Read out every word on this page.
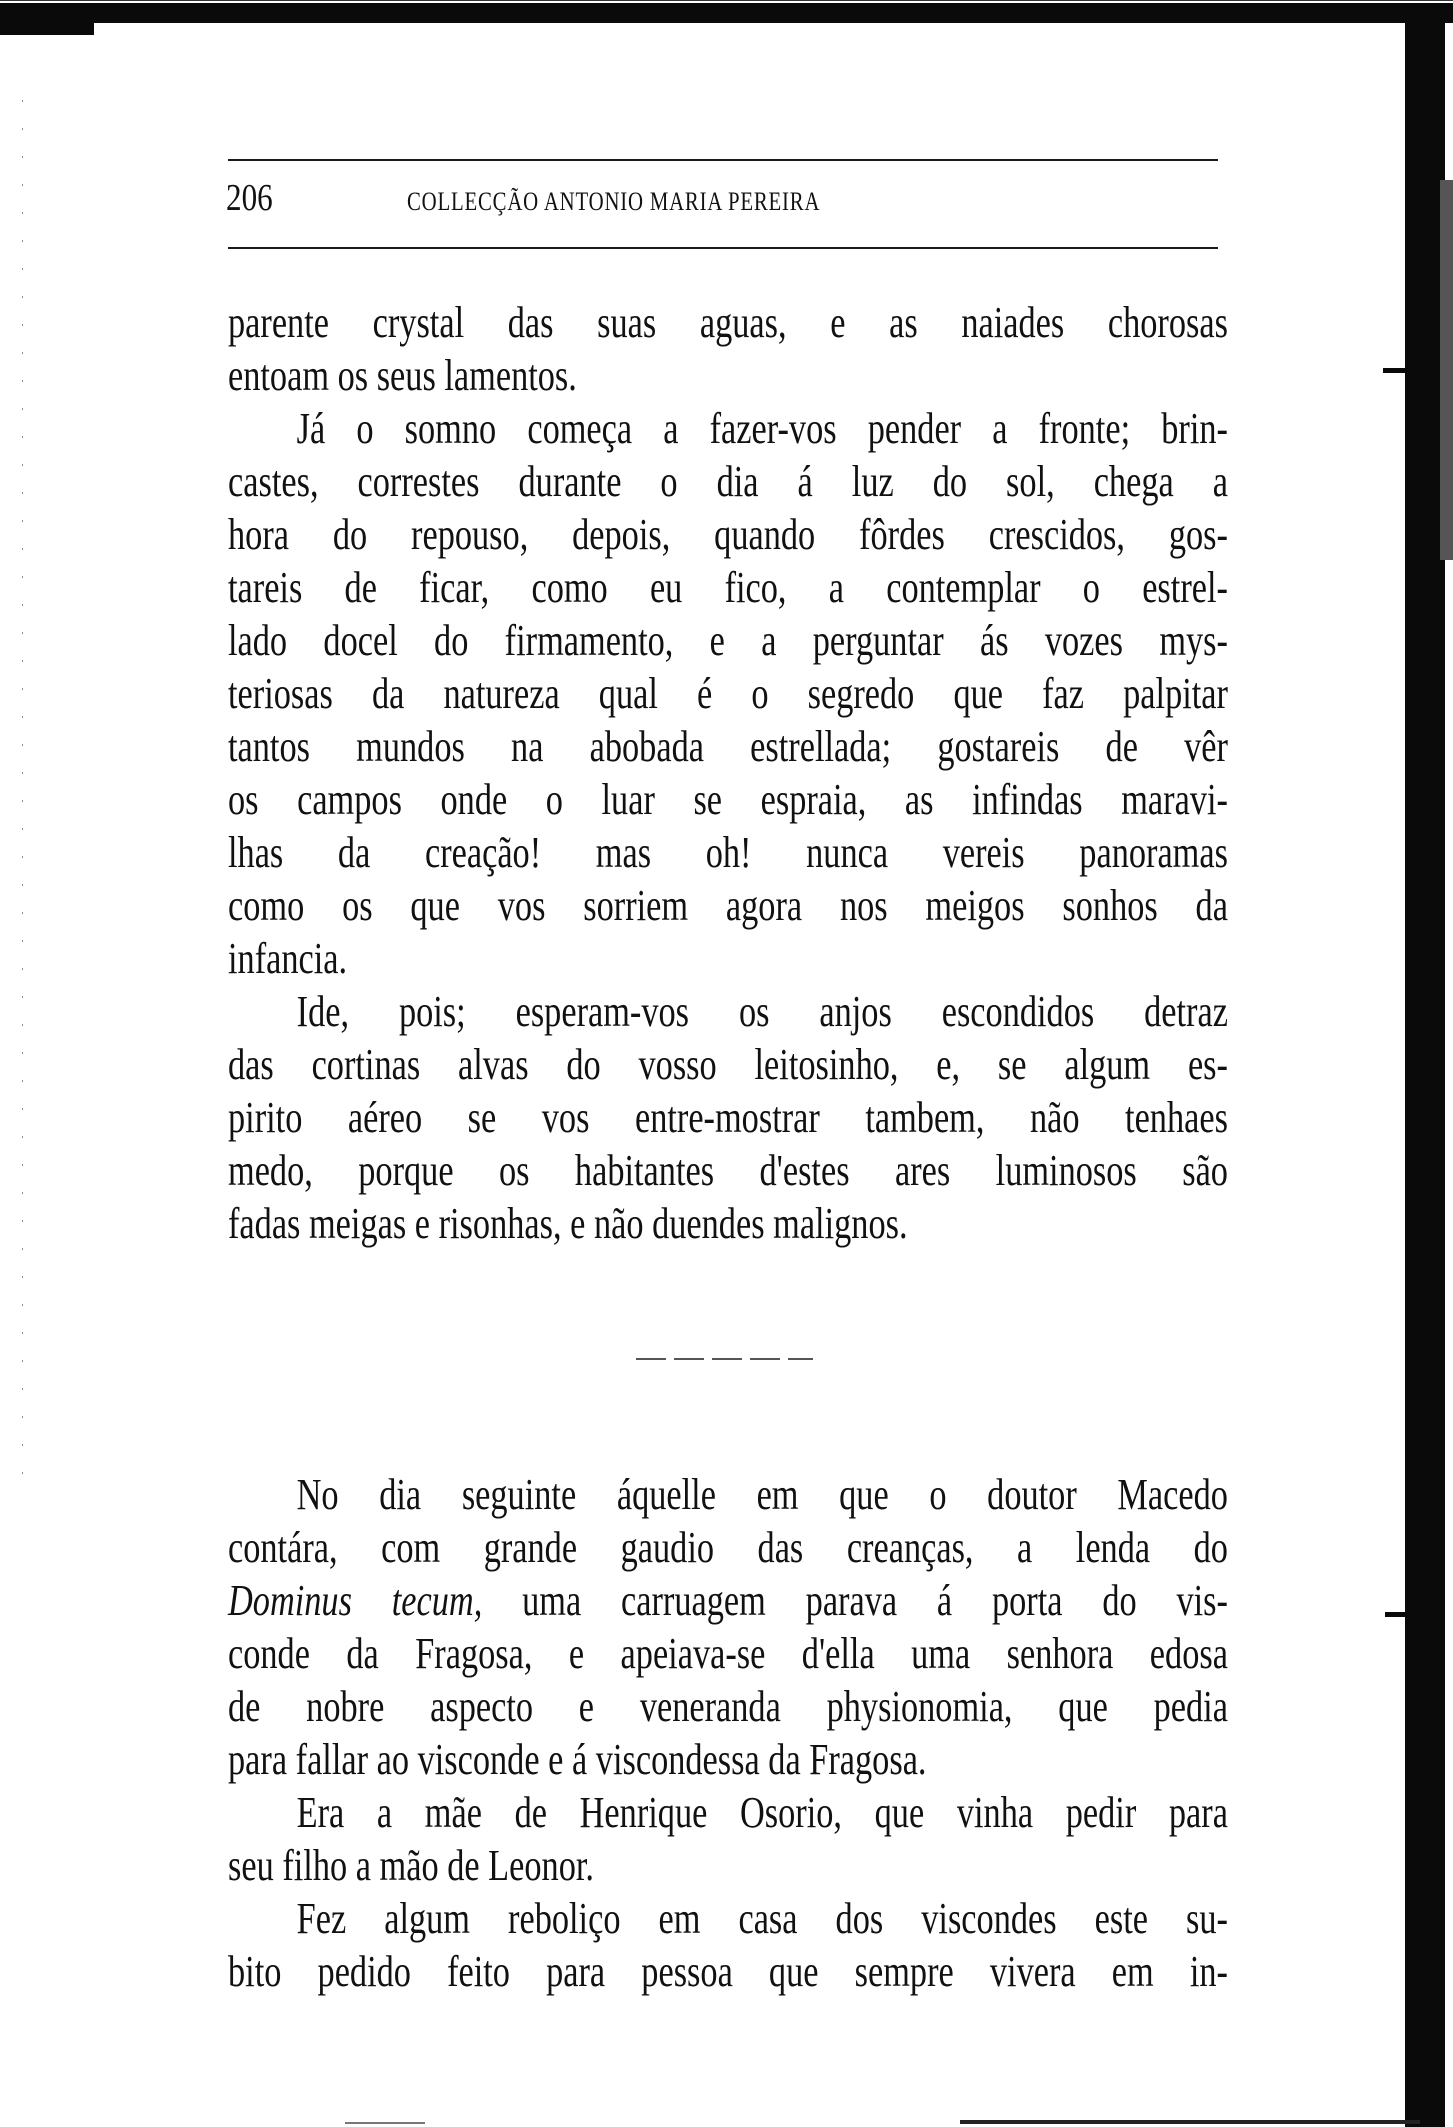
206	COLLECÇÃO ANTONIO MARIA PEREIRA
parente crystal das suas aguas, e as naiades chorosas
entoam os seus lamentos.
Já o somno começa a fazer-vos pender a fronte; brin-
castes, correstes durante o dia á luz do sol, chega a
hora do repouso, depois, quando fôrdes crescidos, gos-
tareis de ficar, como eu fico, a contemplar o estrel-
lado docel do firmamento, e a perguntar ás vozes mys-
teriosas da natureza qual é o segredo que faz palpitar
tantos mundos na abobada estrellada; gostareis de vêr
os campos onde o luar se espraia, as infindas maravi-
lhas da creação! mas oh! nunca vereis panoramas
como os que vos sorriem agora nos meigos sonhos da
infancia.
Ide, pois; esperam-vos os anjos escondidos detraz
das cortinas alvas do vosso leitosinho, e, se algum es-
pirito aéreo se vos entre-mostrar tambem, não tenhaes
medo, porque os habitantes d'estes ares luminosos são
fadas meigas e risonhas, e não duendes malignos.
No dia seguinte áquelle em que o doutor Macedo
contára, com grande gaudio das creanças, a lenda do
Dominus tecum, uma carruagem parava á porta do vis-
conde da Fragosa, e apeiava-se d'ella uma senhora edosa
de nobre aspecto e veneranda physionomia, que pedia
para fallar ao visconde e á viscondessa da Fragosa.
Era a mãe de Henrique Osorio, que vinha pedir para
seu filho a mão de Leonor.
Fez algum reboliço em casa dos viscondes este su-
bito pedido feito para pessoa que sempre vivera em in-
